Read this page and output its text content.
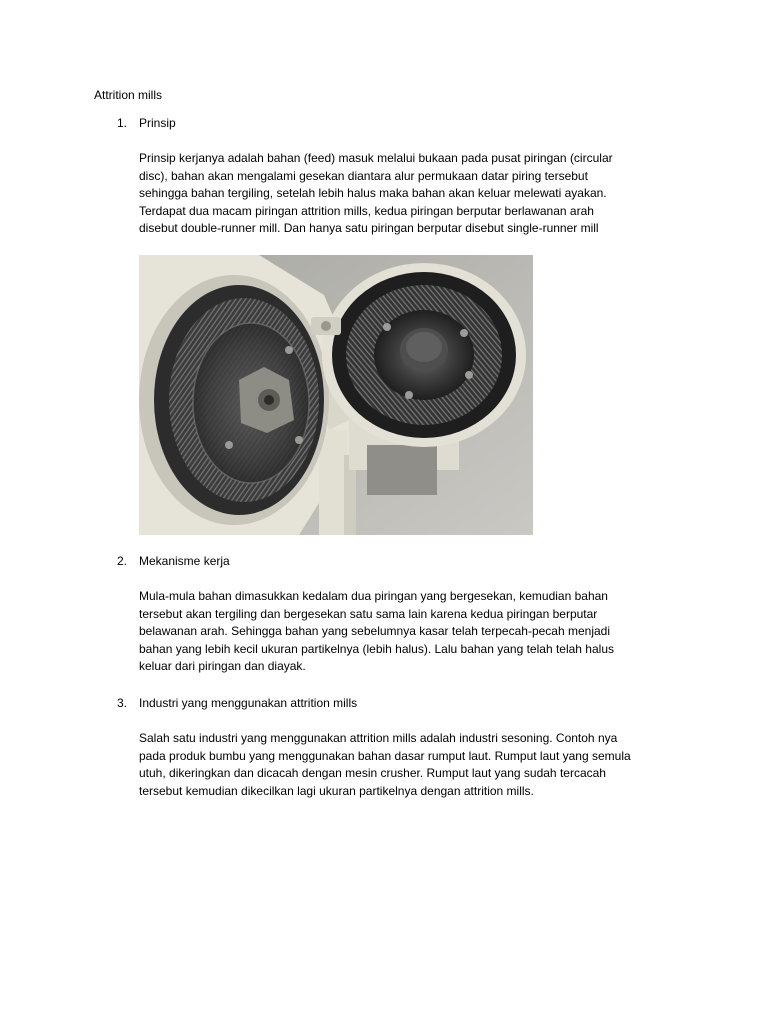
Attrition mills
1. Prinsip

Prinsip kerjanya adalah bahan (feed) masuk melalui bukaan pada pusat piringan (circular

disc), bahan akan mengalami gesekan diantara alur permukaan datar piring tersebut

sehingga bahan tergiling, setelah lebih halus maka bahan akan keluar melewati ayakan.

Terdapat dua macam piringan attrition mills, kedua piringan berputar berlawanan arah

disebut double-runner mill. Dan hanya satu piringan berputar disebut single-runner mill

2. Mekanisme kerja

Mula-mula bahan dimasukkan kedalam dua piringan yang bergesekan, kemudian bahan

tersebut akan tergiling dan bergesekan satu sama lain karena kedua piringan berputar

belawanan arah. Sehingga bahan yang sebelumnya kasar telah terpecah-pecah menjadi

bahan yang lebih kecil ukuran partikelnya (lebih halus). Lalu bahan yang telah telah halus

keluar dari piringan dan diayak.

3. Industri yang menggunakan attrition mills

Salah satu industri yang menggunakan attrition mills adalah industri sesoning. Contoh nya

pada produk bumbu yang menggunakan bahan dasar rumput laut. Rumput laut yang semula

utuh, dikeringkan dan dicacah dengan mesin crusher. Rumput laut yang sudah tercacah

tersebut kemudian dikecilkan lagi ukuran partikelnya dengan attrition mills.
